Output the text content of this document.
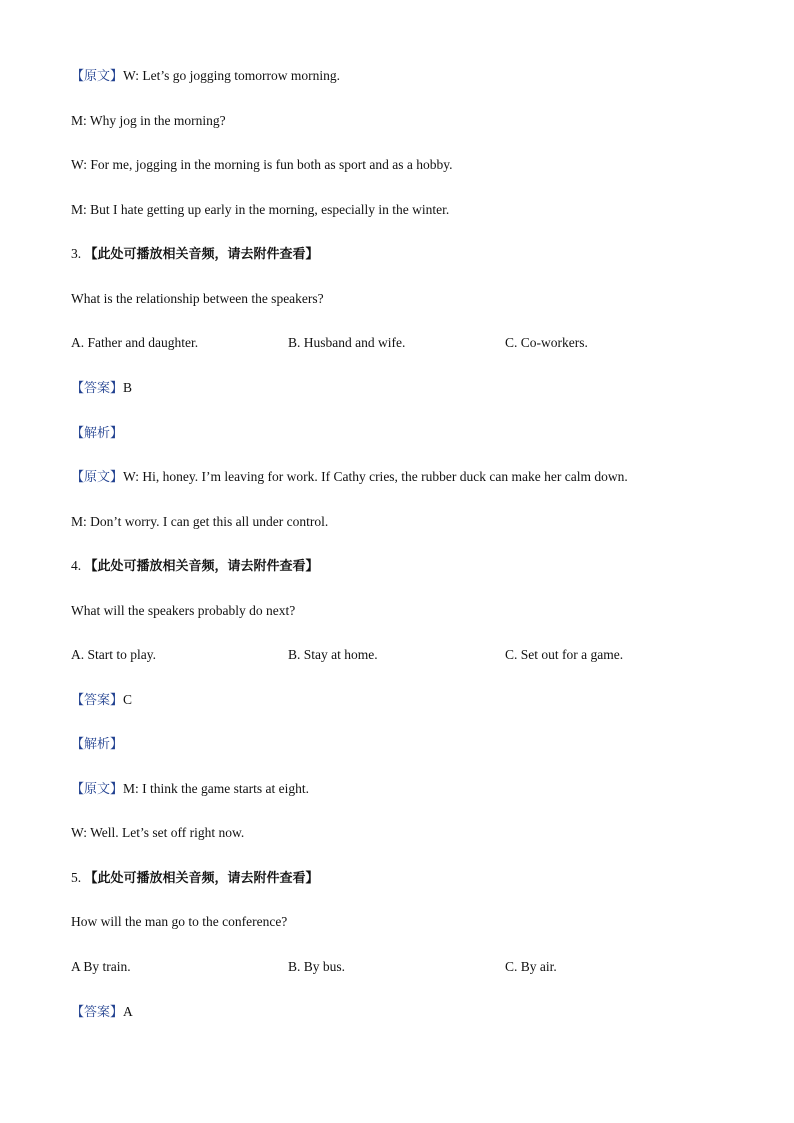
【原文】W: Let’s go jogging tomorrow morning.
M: Why jog in the morning?
W: For me, jogging in the morning is fun both as sport and as a hobby.
M: But I hate getting up early in the morning, especially in the winter.
3. 【此处可播放相关音频，请去附件查看】
What is the relationship between the speakers?
A. Father and daughter.	B. Husband and wife.	C. Co-workers.
【答案】B
【解析】
【原文】W: Hi, honey. I’m leaving for work. If Cathy cries, the rubber duck can make her calm down.
M: Don’t worry. I can get this all under control.
4. 【此处可播放相关音频，请去附件查看】
What will the speakers probably do next?
A. Start to play.	B. Stay at home.	C. Set out for a game.
【答案】C
【解析】
【原文】M: I think the game starts at eight.
W: Well. Let’s set off right now.
5. 【此处可播放相关音频，请去附件查看】
How will the man go to the conference?
A By train.	B. By bus.	C. By air.
【答案】A
